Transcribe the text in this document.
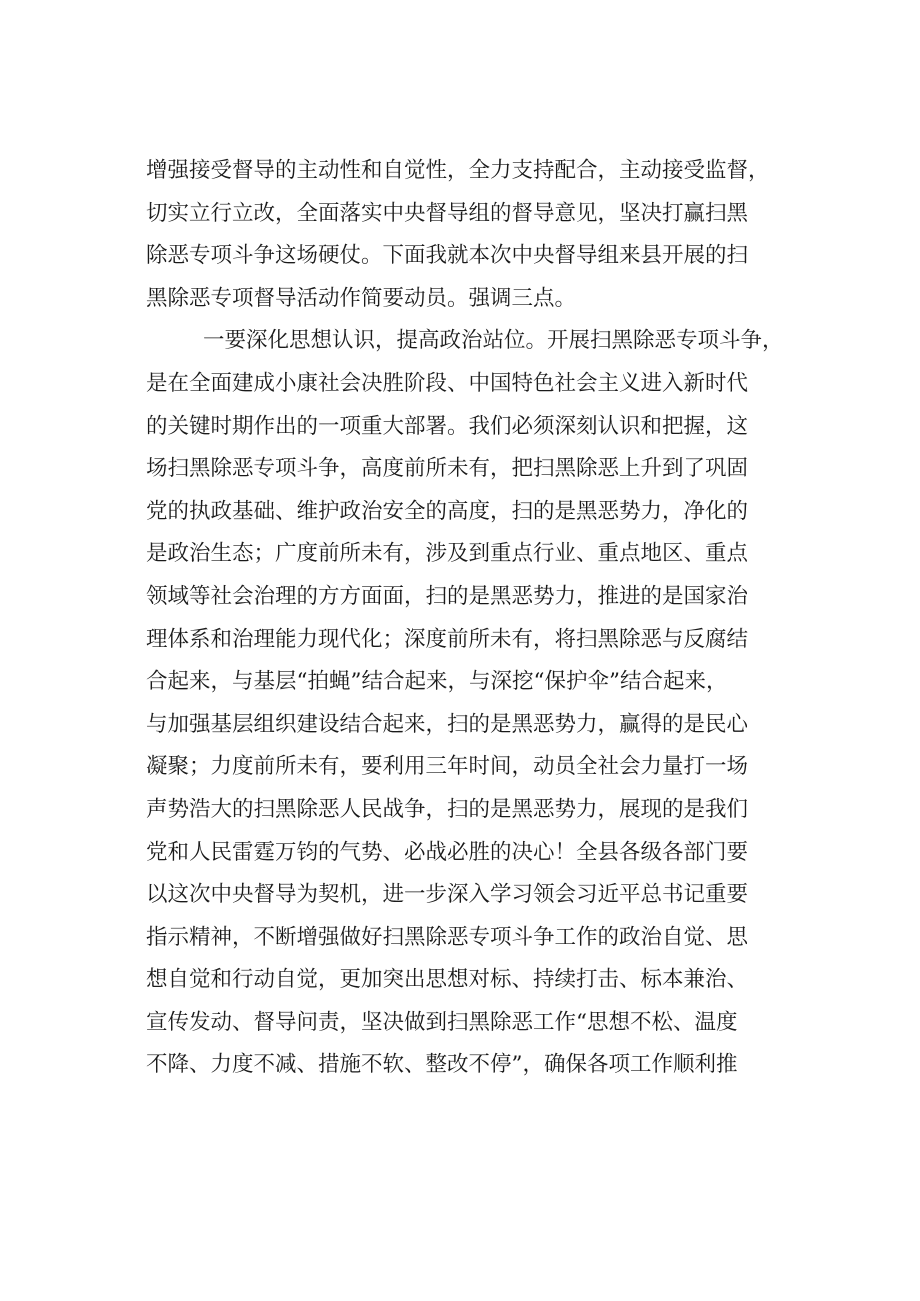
增强接受督导的主动性和自觉性，全力支持配合，主动接受监督，
切实立行立改，全面落实中央督导组的督导意见，坚决打赢扫黑
除恶专项斗争这场硬仗。下面我就本次中央督导组来县开展的扫
黑除恶专项督导活动作简要动员。强调三点。
一要深化思想认识，提高政治站位。开展扫黑除恶专项斗争，
是在全面建成小康社会决胜阶段、中国特色社会主义进入新时代
的关键时期作出的一项重大部署。我们必须深刻认识和把握，这
场扫黑除恶专项斗争，高度前所未有，把扫黑除恶上升到了巩固
党的执政基础、维护政治安全的高度，扫的是黑恶势力，净化的
是政治生态；广度前所未有，涉及到重点行业、重点地区、重点
领域等社会治理的方方面面，扫的是黑恶势力，推进的是国家治
理体系和治理能力现代化；深度前所未有，将扫黑除恶与反腐结
合起来，与基层“拍蝇”结合起来，与深挖“保护伞”结合起来，
与加强基层组织建设结合起来，扫的是黑恶势力，赢得的是民心
凝聚；力度前所未有，要利用三年时间，动员全社会力量打一场
声势浩大的扫黑除恶人民战争，扫的是黑恶势力，展现的是我们
党和人民雷霆万钧的气势、必战必胜的决心！全县各级各部门要
以这次中央督导为契机，进一步深入学习领会习近平总书记重要
指示精神，不断增强做好扫黑除恶专项斗争工作的政治自觉、思
想自觉和行动自觉，更加突出思想对标、持续打击、标本兼治、
宣传发动、督导问责，坚决做到扫黑除恶工作“思想不松、温度
不降、力度不减、措施不软、整改不停”，确保各项工作顺利推
